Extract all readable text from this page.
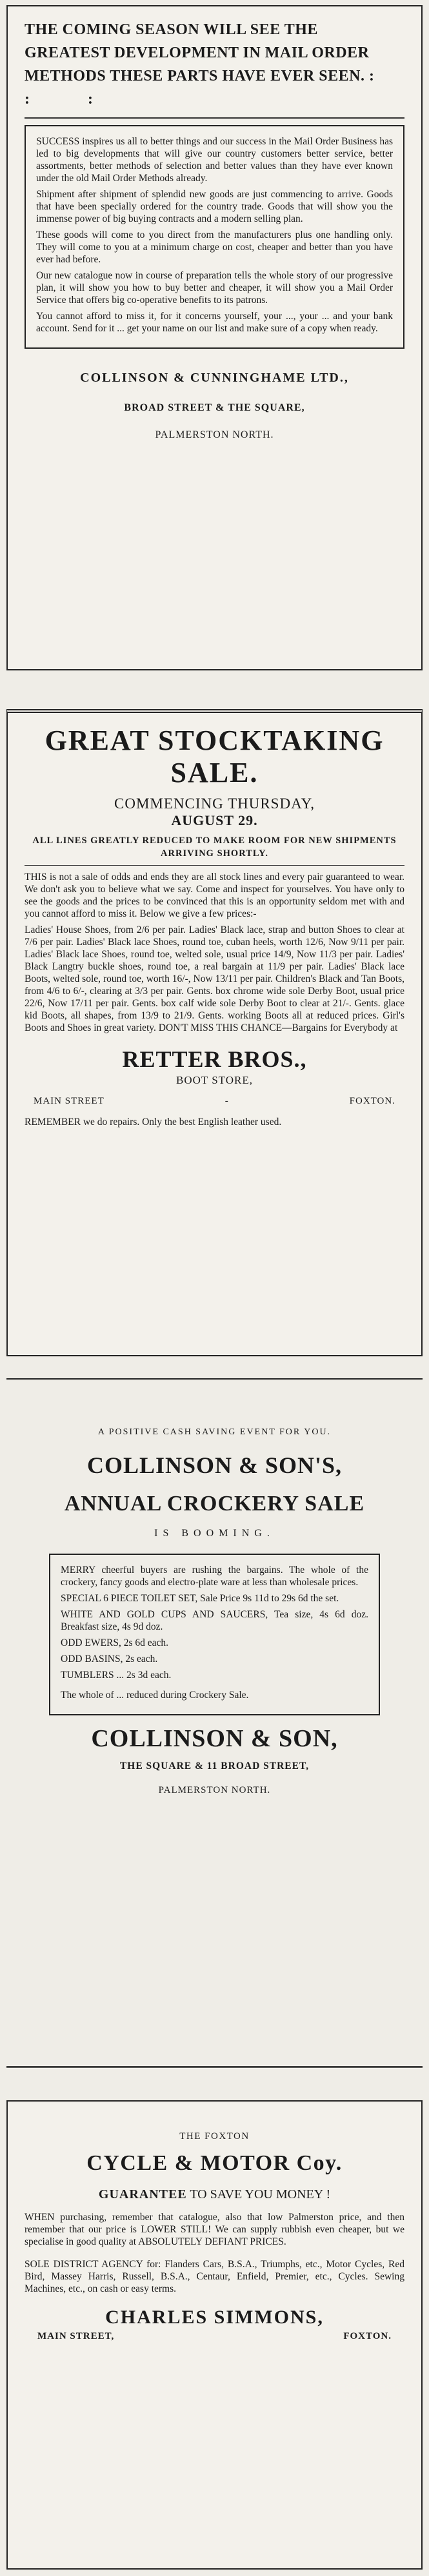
THE COMING SEASON WILL SEE THE GREATEST DEVELOPMENT IN MAIL ORDER METHODS THESE PARTS HAVE EVER SEEN. : : :

SUCCESS inspires us all to better things and our success in the Mail Order Business has led to big developments that will give our country customers better service, better assortments, better methods of selection and better values than they have ever known under the old Mail Order Methods already.

Shipment after shipment of splendid new goods are just commencing to arrive. Goods that have been specially ordered for the country trade. Goods that will show you the immense power of big buying contracts and a modern selling plan.

These goods will come to you direct from the manufacturers plus one handling only. They will come to you at a minimum charge on cost, cheaper and better than you have ever had before.

Our new catalogue now in course of preparation tells the whole story of our progressive plan, it will show you how to buy better and cheaper, it will show you a Mail Order Service that offers big co-operative benefits to its patrons.

You cannot afford to miss it, for it concerns yourself, your ..., your ... and your bank account. Send for it ... get your name on our list and make sure of a copy when ready.

COLLINSON & CUNNINGHAME LTD.,
BROAD STREET & THE SQUARE,
PALMERSTON NORTH.
GREAT STOCKTAKING SALE.
COMMENCING THURSDAY,
AUGUST 29.
ALL LINES GREATLY REDUCED TO MAKE ROOM FOR NEW SHIPMENTS ARRIVING SHORTLY.

THIS is not a sale of odds and ends they are all stock lines and every pair guaranteed to wear. We don't ask you to believe what we say. Come and inspect for yourselves. You have only to see the goods and the prices to be convinced that this is an opportunity seldom met with and you cannot afford to miss it. Below we give a few prices:-

Ladies' House Shoes, from 2/6 per pair. Ladies' Black lace, strap and button Shoes to clear at 7/6 per pair. Ladies' Black lace Shoes, round toe, cuban heels, worth 12/6, Now 9/11 per pair. Ladies' Black lace Shoes, round toe, welted sole, usual price 14/9, Now 11/3 per pair. Ladies' Black Langtry buckle shoes, round toe, a real bargain at 11/9 per pair. Ladies' Black lace Boots, welted sole, round toe, worth 16/-, Now 13/11 per pair. Children's Black and Tan Boots, from 4/6 to 6/-, clearing at 3/3 per pair. Gents. box chrome wide sole Derby Boot, usual price 22/6, Now 17/11 per pair. Gents. box calf wide sole Derby Boot to clear at 21/-. Gents. glace kid Boots, all shapes, from 13/9 to 21/9. Gents. working Boots all at reduced prices. Girl's Boots and Shoes in great variety. DON'T MISS THIS CHANCE—Bargains for Everybody at

RETTER BROS.,
BOOT STORE,
MAIN STREET	-	FOXTON.

REMEMBER we do repairs. Only the best English leather used.

A POSITIVE CASH SAVING EVENT FOR YOU.
COLLINSON & SON'S,
ANNUAL CROCKERY SALE
IS BOOMING.

MERRY cheerful buyers are rushing the bargains. The whole of the crockery, fancy goods and electro-plate ware at less than wholesale prices.

SPECIAL 6 PIECE TOILET SET, Sale Price 9s 11d to 29s 6d the set.

WHITE AND GOLD CUPS AND SAUCERS, Tea size, 4s 6d doz. Breakfast size, 4s 9d doz.

ODD EWERS, 2s 6d each.

ODD BASINS, 2s each.

TUMBLERS ... 2s 3d each.

The whole of ... reduced during Crockery Sale.

COLLINSON & SON,
THE SQUARE & 11 BROAD STREET,
PALMERSTON NORTH.
THE FOXTON
CYCLE & MOTOR Coy.
GUARANTEE TO SAVE YOU MONEY !

WHEN purchasing, remember that catalogue, also that low Palmerston price, and then remember that our price is LOWER STILL! We can supply rubbish even cheaper, but we specialise in good quality at ABSOLUTELY DEFIANT PRICES.

SOLE DISTRICT AGENCY for: Flanders Cars, B.S.A., Triumphs, etc., Motor Cycles, Red Bird, Massey Harris, Russell, B.S.A., Centaur, Enfield, Premier, etc., Cycles. Sewing Machines, etc., on cash or easy terms.
CHARLES SIMMONS,
MAIN STREET,	FOXTON.
